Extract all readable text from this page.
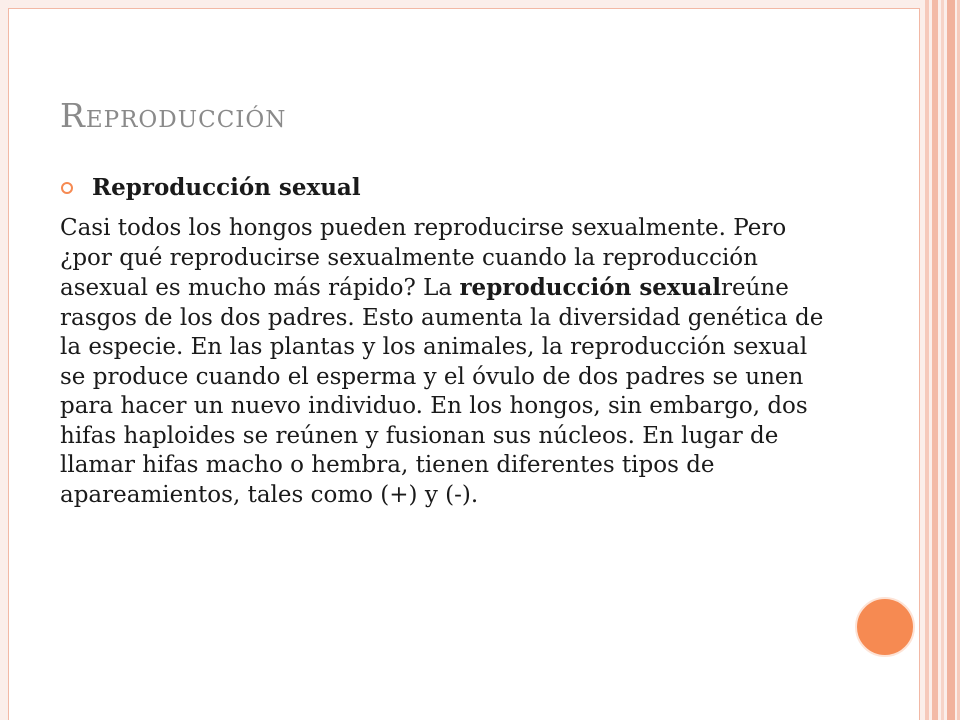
Reproducción
Reproducción sexual

Casi todos los hongos pueden reproducirse sexualmente. Pero ¿por qué reproducirse sexualmente cuando la reproducción asexual es mucho más rápido? La reproducción sexualreúne rasgos de los dos padres. Esto aumenta la diversidad genética de la especie. En las plantas y los animales, la reproducción sexual se produce cuando el esperma y el óvulo de dos padres se unen para hacer un nuevo individuo. En los hongos, sin embargo, dos hifas haploides se reúnen y fusionan sus núcleos. En lugar de llamar hifas macho o hembra, tienen diferentes tipos de apareamientos, tales como (+) y (-).
